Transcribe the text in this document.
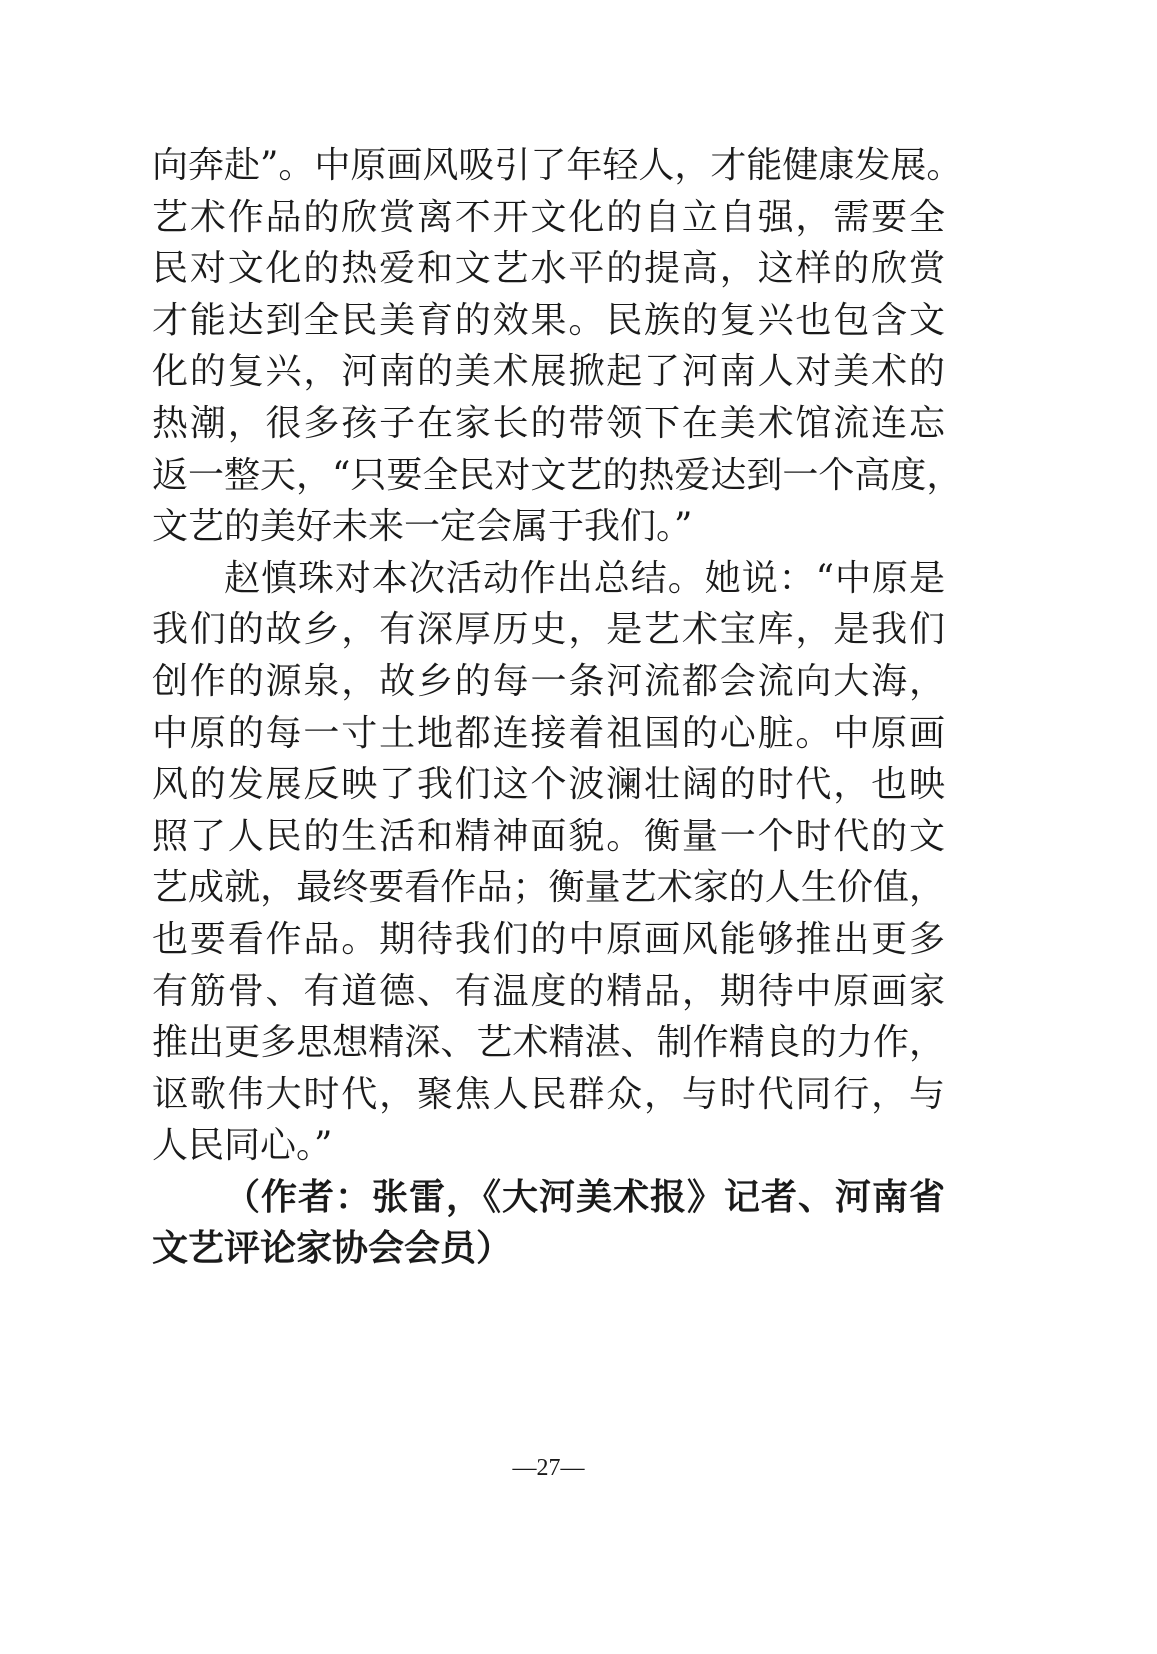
向奔赴”。中原画风吸引了年轻人，才能健康发展。
艺术作品的欣赏离不开文化的自立自强，需要全
民对文化的热爱和文艺水平的提高，这样的欣赏
才能达到全民美育的效果。民族的复兴也包含文
化的复兴，河南的美术展掀起了河南人对美术的
热潮，很多孩子在家长的带领下在美术馆流连忘
返一整天，“只要全民对文艺的热爱达到一个高度，
文艺的美好未来一定会属于我们。”
赵慎珠对本次活动作出总结。她说：“中原是
我们的故乡，有深厚历史，是艺术宝库，是我们
创作的源泉，故乡的每一条河流都会流向大海，
中原的每一寸土地都连接着祖国的心脏。中原画
风的发展反映了我们这个波澜壮阔的时代，也映
照了人民的生活和精神面貌。衡量一个时代的文
艺成就，最终要看作品；衡量艺术家的人生价值，
也要看作品。期待我们的中原画风能够推出更多
有筋骨、有道德、有温度的精品，期待中原画家
推出更多思想精深、艺术精湛、制作精良的力作，
讴歌伟大时代，聚焦人民群众，与时代同行，与
人民同心。”
（作者：张雷，《大河美术报》记者、河南省
文艺评论家协会会员）
—27—
